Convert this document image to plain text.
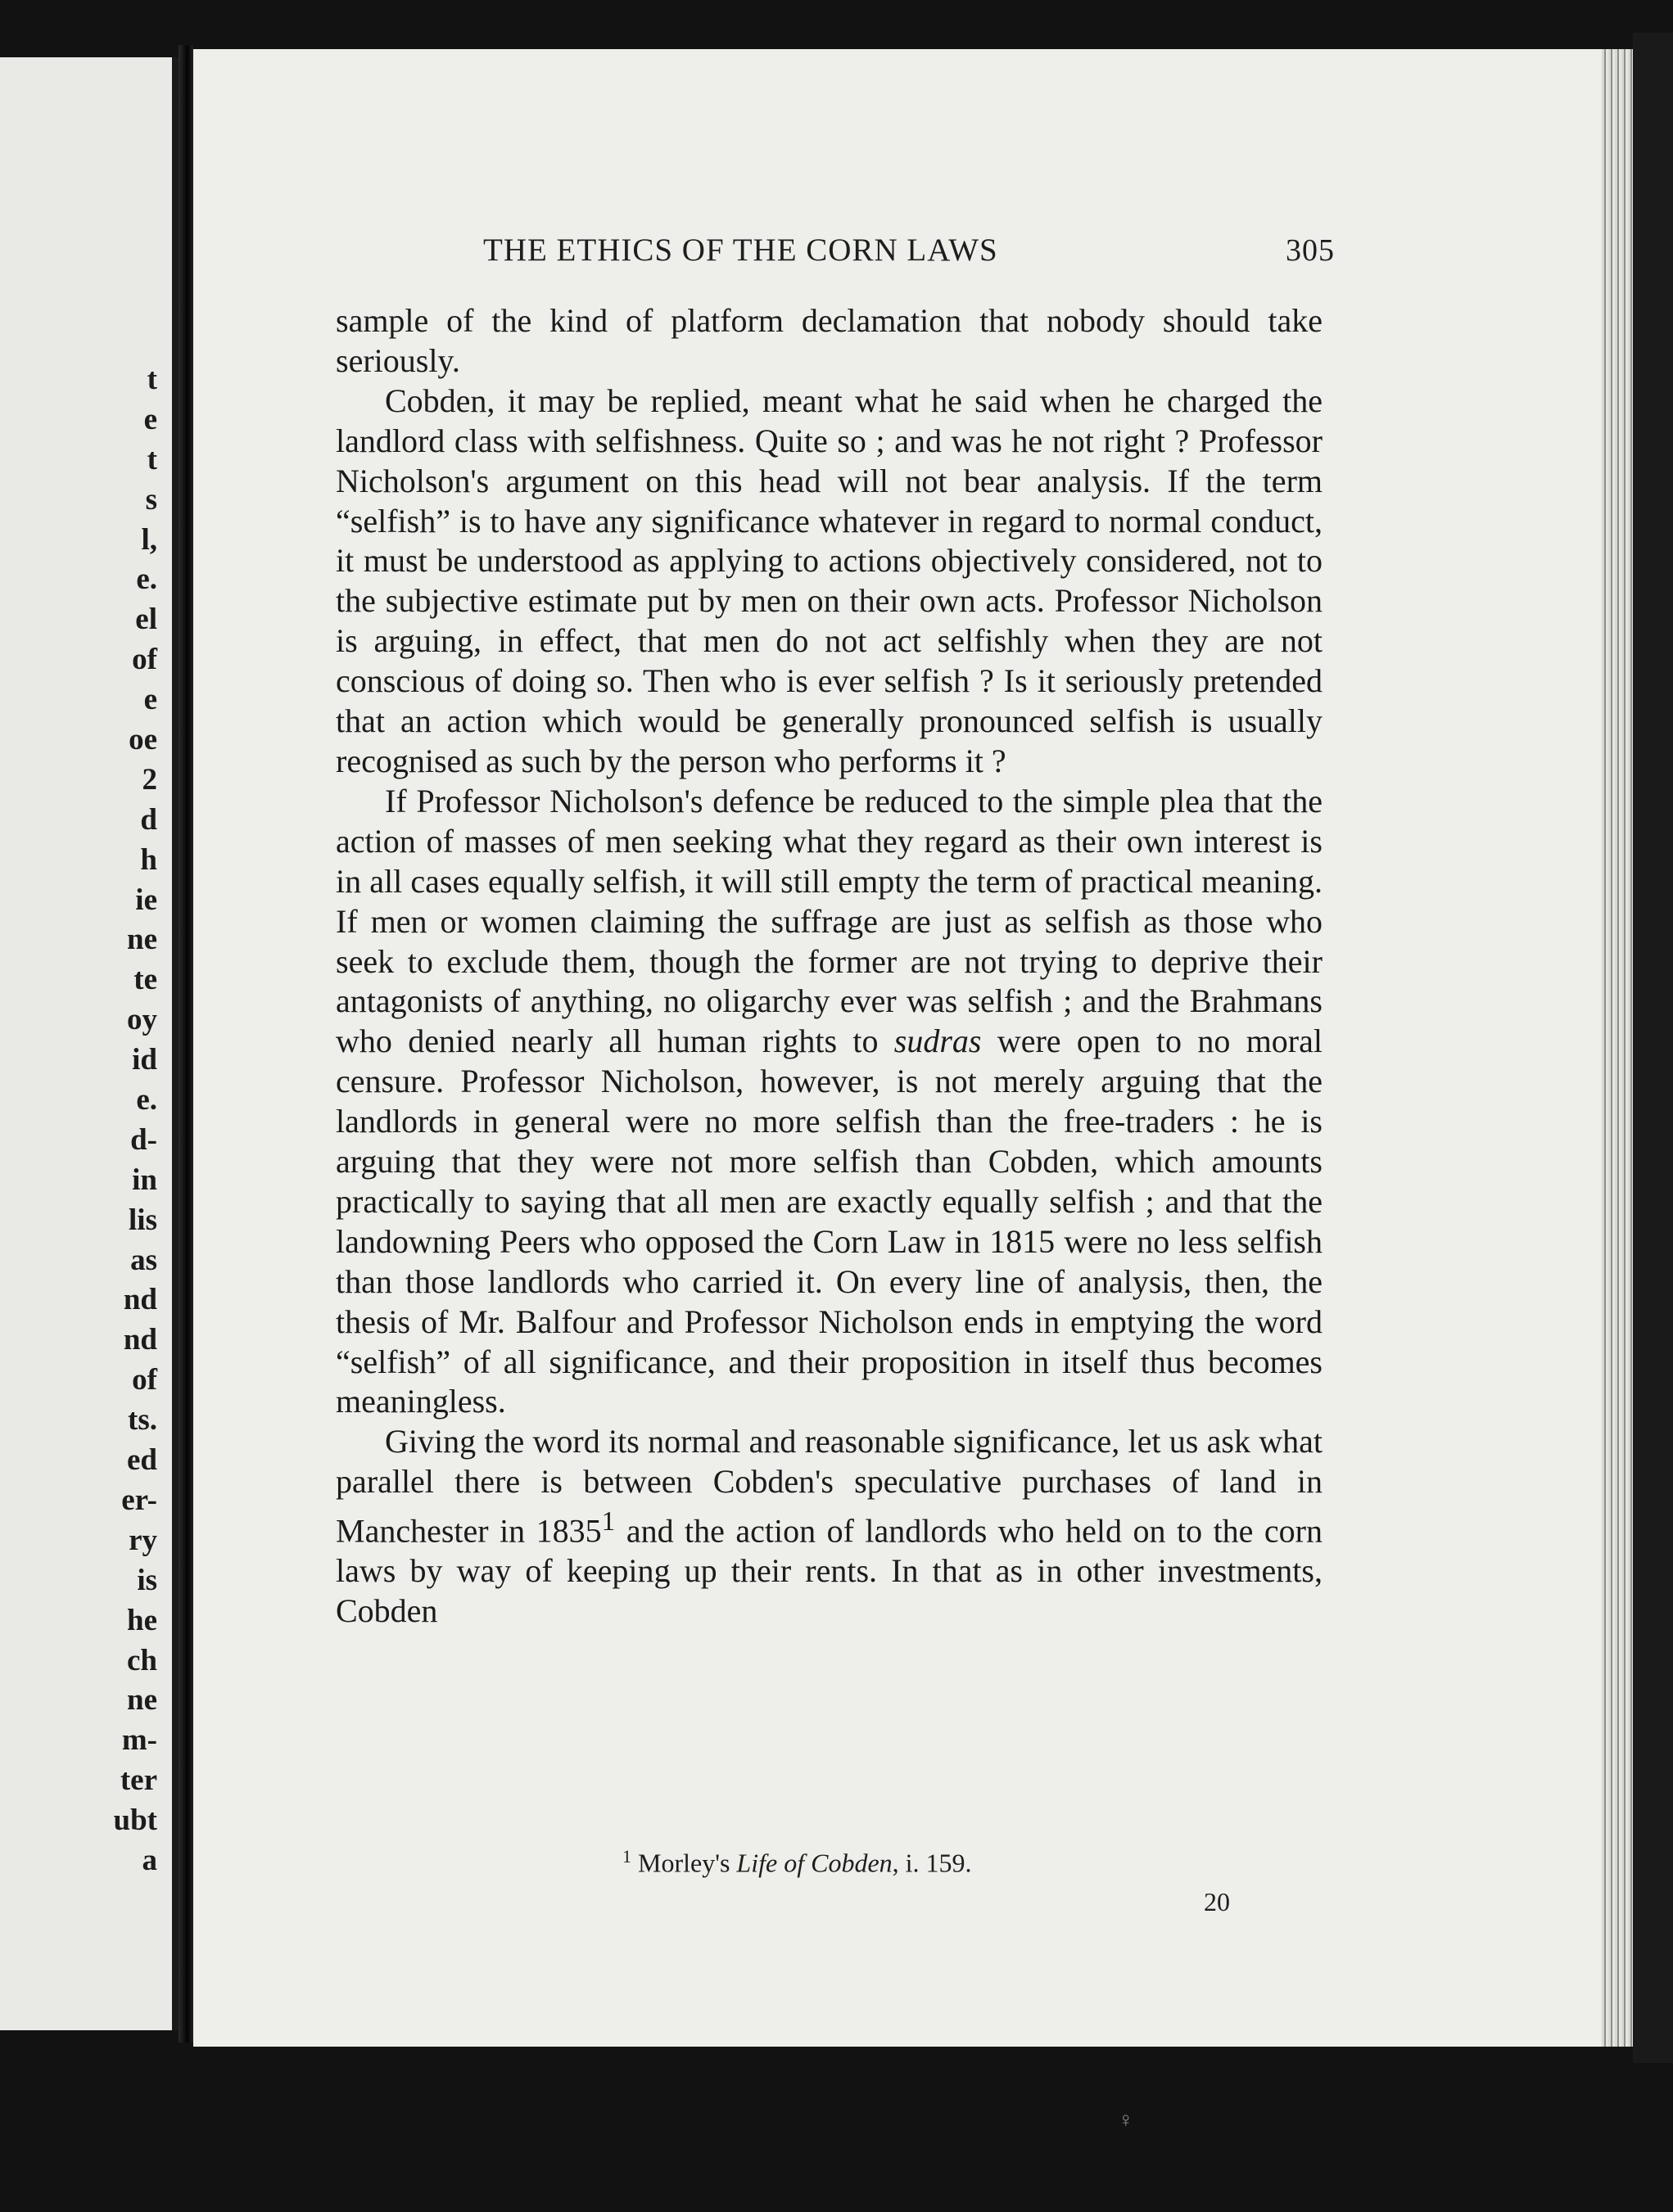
t
e
t
s
l,
e.
el
of
e
oe
2
d
h
ie
ne
te
oy
id
e.
d-
in
lis
as
nd
nd
of
ts.
ed
er-
ry
is
he
ch
ne
m-
ter
ubt
a
THE ETHICS OF THE CORN LAWS	305

sample of the kind of platform declamation that nobody should take seriously.

Cobden, it may be replied, meant what he said when he charged the landlord class with selfishness. Quite so ; and was he not right ? Professor Nicholson's argument on this head will not bear analysis. If the term “selfish” is to have any significance whatever in regard to normal conduct, it must be understood as applying to actions objectively considered, not to the subjective estimate put by men on their own acts. Professor Nicholson is arguing, in effect, that men do not act selfishly when they are not conscious of doing so. Then who is ever selfish ? Is it seriously pretended that an action which would be generally pronounced selfish is usually recognised as such by the person who performs it ?

If Professor Nicholson's defence be reduced to the simple plea that the action of masses of men seeking what they regard as their own interest is in all cases equally selfish, it will still empty the term of practical meaning. If men or women claiming the suffrage are just as selfish as those who seek to exclude them, though the former are not trying to deprive their antagonists of anything, no oligarchy ever was selfish ; and the Brahmans who denied nearly all human rights to sudras were open to no moral censure. Professor Nicholson, however, is not merely arguing that the landlords in general were no more selfish than the free-traders : he is arguing that they were not more selfish than Cobden, which amounts practically to saying that all men are exactly equally selfish ; and that the landowning Peers who opposed the Corn Law in 1815 were no less selfish than those landlords who carried it. On every line of analysis, then, the thesis of Mr. Balfour and Professor Nicholson ends in emptying the word “selfish” of all significance, and their proposition in itself thus becomes meaningless.

Giving the word its normal and reasonable significance, let us ask what parallel there is between Cobden's speculative purchases of land in Manchester in 1835$^1$ and the action of landlords who held on to the corn laws by way of keeping up their rents. In that as in other investments, Cobden

$^1$ Morley's Life of Cobden, i. 159.
20
♀
